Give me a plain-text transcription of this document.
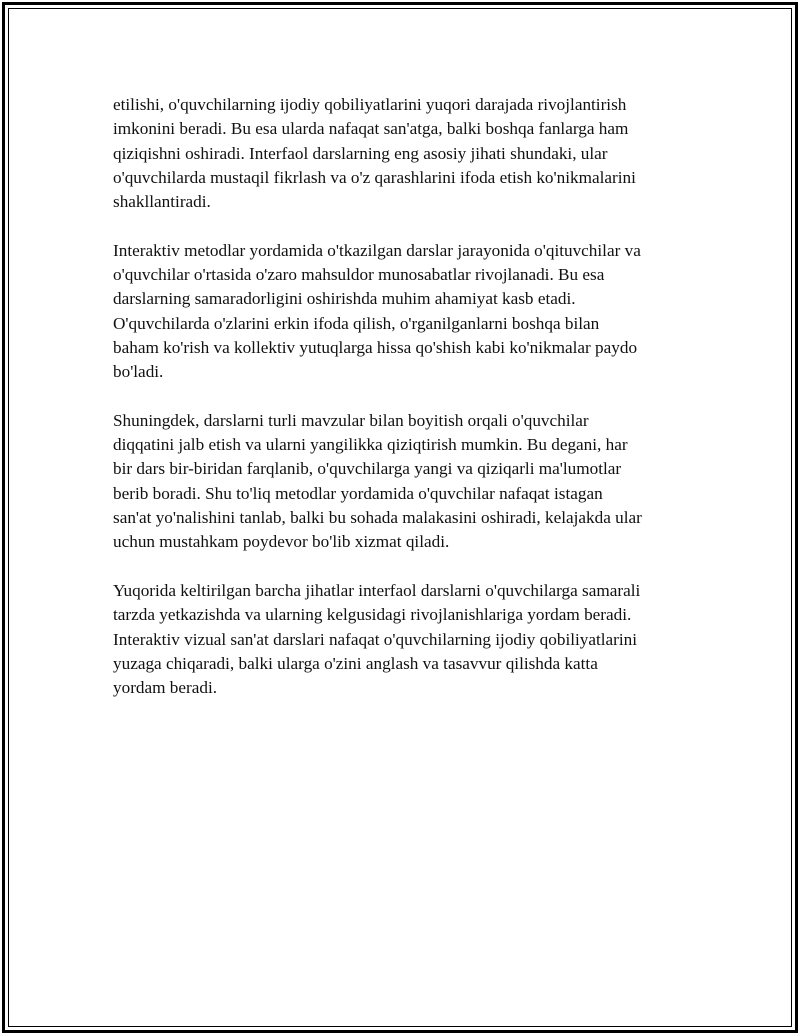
etilishi, o'quvchilarning ijodiy qobiliyatlarini yuqori darajada rivojlantirish
imkonini beradi. Bu esa ularda nafaqat san'atga, balki boshqa fanlarga ham
qiziqishni oshiradi. Interfaol darslarning eng asosiy jihati shundaki, ular
o'quvchilarda mustaqil fikrlash va o'z qarashlarini ifoda etish ko'nikmalarini
shakllantiradi.

Interaktiv metodlar yordamida o'tkazilgan darslar jarayonida o'qituvchilar va
o'quvchilar o'rtasida o'zaro mahsuldor munosabatlar rivojlanadi. Bu esa
darslarning samaradorligini oshirishda muhim ahamiyat kasb etadi.
O'quvchilarda o'zlarini erkin ifoda qilish, o'rganilganlarni boshqa bilan
baham ko'rish va kollektiv yutuqlarga hissa qo'shish kabi ko'nikmalar paydo
bo'ladi.

Shuningdek, darslarni turli mavzular bilan boyitish orqali o'quvchilar
diqqatini jalb etish va ularni yangilikka qiziqtirish mumkin. Bu degani, har
bir dars bir-biridan farqlanib, o'quvchilarga yangi va qiziqarli ma'lumotlar
berib boradi. Shu to'liq metodlar yordamida o'quvchilar nafaqat istagan
san'at yo'nalishini tanlab, balki bu sohada malakasini oshiradi, kelajakda ular
uchun mustahkam poydevor bo'lib xizmat qiladi.

Yuqorida keltirilgan barcha jihatlar interfaol darslarni o'quvchilarga samarali
tarzda yetkazishda va ularning kelgusidagi rivojlanishlariga yordam beradi.
Interaktiv vizual san'at darslari nafaqat o'quvchilarning ijodiy qobiliyatlarini
yuzaga chiqaradi, balki ularga o'zini anglash va tasavvur qilishda katta
yordam beradi.
